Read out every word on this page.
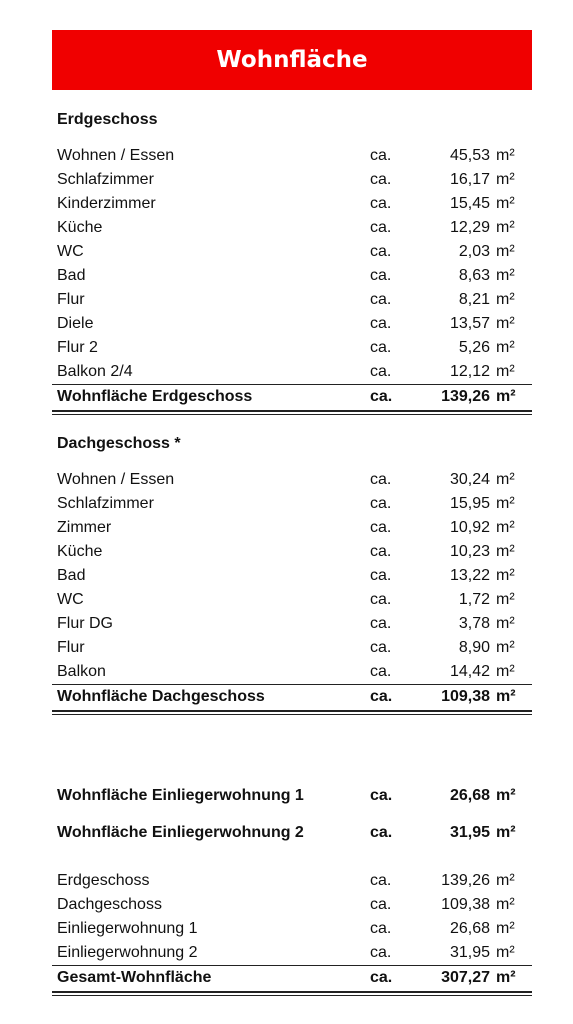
Wohnfläche
Erdgeschoss
Wohnen / Essen	ca.	45,53 m²
Schlafzimmer	ca.	16,17 m²
Kinderzimmer	ca.	15,45 m²
Küche	ca.	12,29 m²
WC	ca.	2,03 m²
Bad	ca.	8,63 m²
Flur	ca.	8,21 m²
Diele	ca.	13,57 m²
Flur 2	ca.	5,26 m²
Balkon 2/4	ca.	12,12 m²
Wohnfläche Erdgeschoss	ca.	139,26 m²
Dachgeschoss *
Wohnen / Essen	ca.	30,24 m²
Schlafzimmer	ca.	15,95 m²
Zimmer	ca.	10,92 m²
Küche	ca.	10,23 m²
Bad	ca.	13,22 m²
WC	ca.	1,72 m²
Flur DG	ca.	3,78 m²
Flur	ca.	8,90 m²
Balkon	ca.	14,42 m²
Wohnfläche Dachgeschoss	ca.	109,38 m²
Wohnfläche Einliegerwohnung 1	ca.	26,68 m²
Wohnfläche Einliegerwohnung 2	ca.	31,95 m²
Erdgeschoss	ca.	139,26 m²
Dachgeschoss	ca.	109,38 m²
Einliegerwohnung 1	ca.	26,68 m²
Einliegerwohnung 2	ca.	31,95 m²
Gesamt-Wohnfläche	ca.	307,27 m²
